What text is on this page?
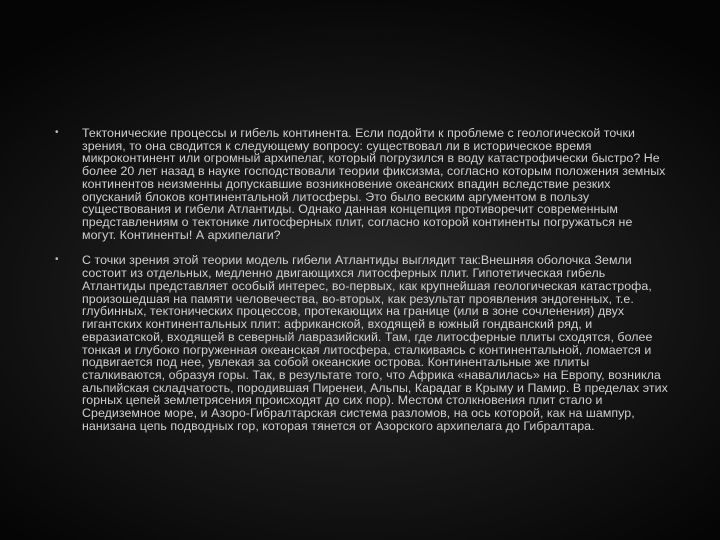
• Тектонические процессы и гибель континента. Если подойти к проблеме с геологической точки зрения, то она сводится к следующему вопросу: существовал ли в историческое время микроконтинент или огромный архипелаг, который погрузился в воду катастрофически быстро? Не более 20 лет назад в науке господствовали теории фиксизма, согласно которым положения земных континентов неизменны допускавшие возникновение океанских впадин вследствие резких опусканий блоков континентальной литосферы. Это было веским аргументом в пользу существования и гибели Атлантиды. Однако данная концепция противоречит современным представлениям о тектонике литосферных плит, согласно которой континенты погружаться не могут. Континенты! А архипелаги?
• С точки зрения этой теории модель гибели Атлантиды выглядит так:Внешняя оболочка Земли состоит из отдельных, медленно двигающихся литосферных плит. Гипотетическая гибель Атлантиды представляет особый интерес, во-первых, как крупнейшая геологическая катастрофа, произошедшая на памяти человечества, во-вторых, как результат проявления эндогенных, т.е. глубинных, тектонических процессов, протекающих на границе (или в зоне сочленения) двух гигантских континентальных плит: африканской, входящей в южный гондванский ряд, и евразиатской, входящей в северный лавразийский. Там, где литосферные плиты сходятся, более тонкая и глубоко погруженная океанская литосфера, сталкиваясь с континентальной, ломается и подвигается под нее, увлекая за собой океанские острова. Континентальные же плиты сталкиваются, образуя горы. Так, в результате того, что Африка «навалилась» на Европу, возникла альпийская складчатость, породившая Пиренеи, Альпы, Карадаг в Крыму и Памир. В пределах этих горных цепей землетрясения происходят до сих пор). Местом столкновения плит стало и Средиземное море, и Азоро-Гибралтарская система разломов, на ось которой, как на шампур, нанизана цепь подводных гор, которая тянется от Азорского архипелага до Гибралтара.
